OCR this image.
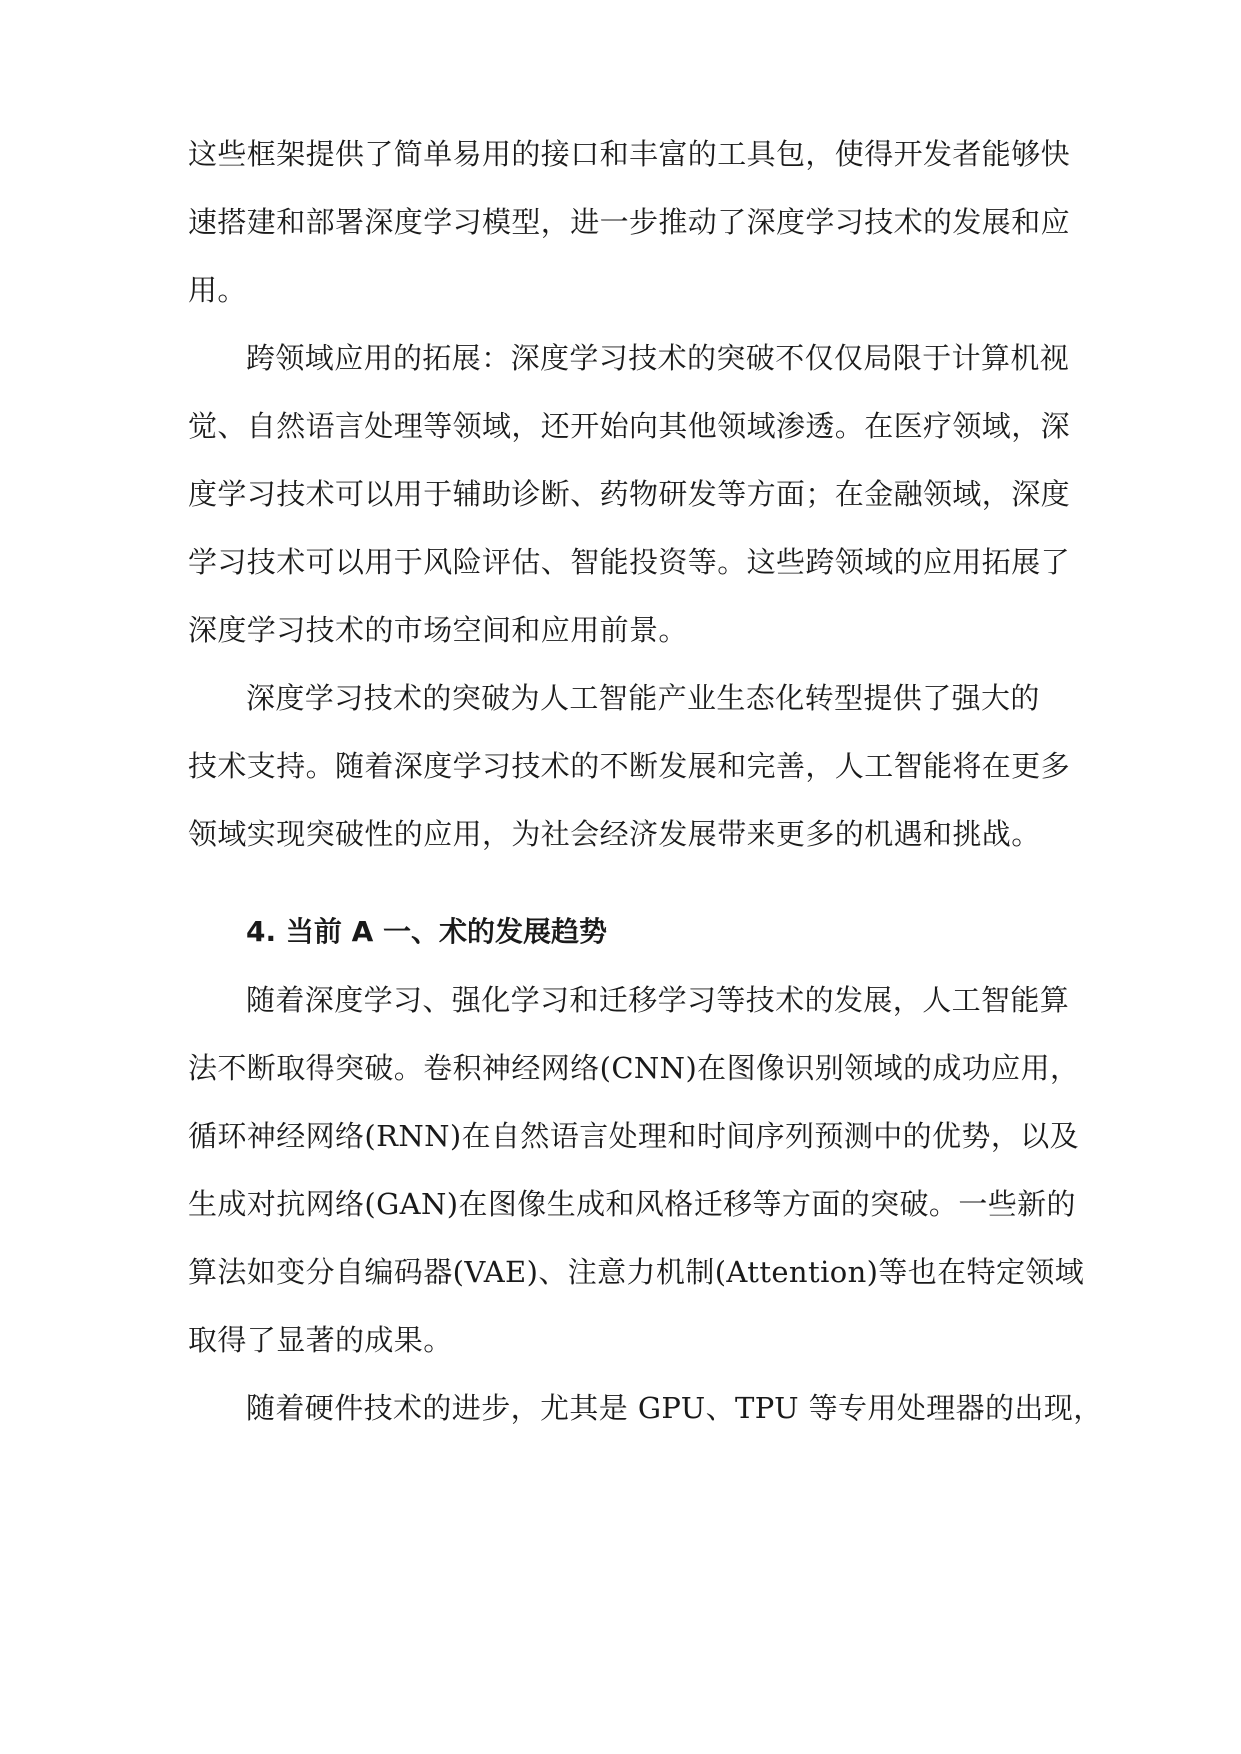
这些框架提供了简单易用的接口和丰富的工具包，使得开发者能够快
速搭建和部署深度学习模型，进一步推动了深度学习技术的发展和应
用。
跨领域应用的拓展：深度学习技术的突破不仅仅局限于计算机视
觉、自然语言处理等领域，还开始向其他领域渗透。在医疗领域，深
度学习技术可以用于辅助诊断、药物研发等方面；在金融领域，深度
学习技术可以用于风险评估、智能投资等。这些跨领域的应用拓展了
深度学习技术的市场空间和应用前景。
深度学习技术的突破为人工智能产业生态化转型提供了强大的
技术支持。随着深度学习技术的不断发展和完善，人工智能将在更多
领域实现突破性的应用，为社会经济发展带来更多的机遇和挑战。
4. 当前 A 一、术的发展趋势
随着深度学习、强化学习和迁移学习等技术的发展，人工智能算
法不断取得突破。卷积神经网络(CNN)在图像识别领域的成功应用，
循环神经网络(RNN)在自然语言处理和时间序列预测中的优势，以及
生成对抗网络(GAN)在图像生成和风格迁移等方面的突破。一些新的
算法如变分自编码器(VAE)、注意力机制(Attention)等也在特定领域
取得了显著的成果。
随着硬件技术的进步，尤其是 GPU、TPU 等专用处理器的出现，
